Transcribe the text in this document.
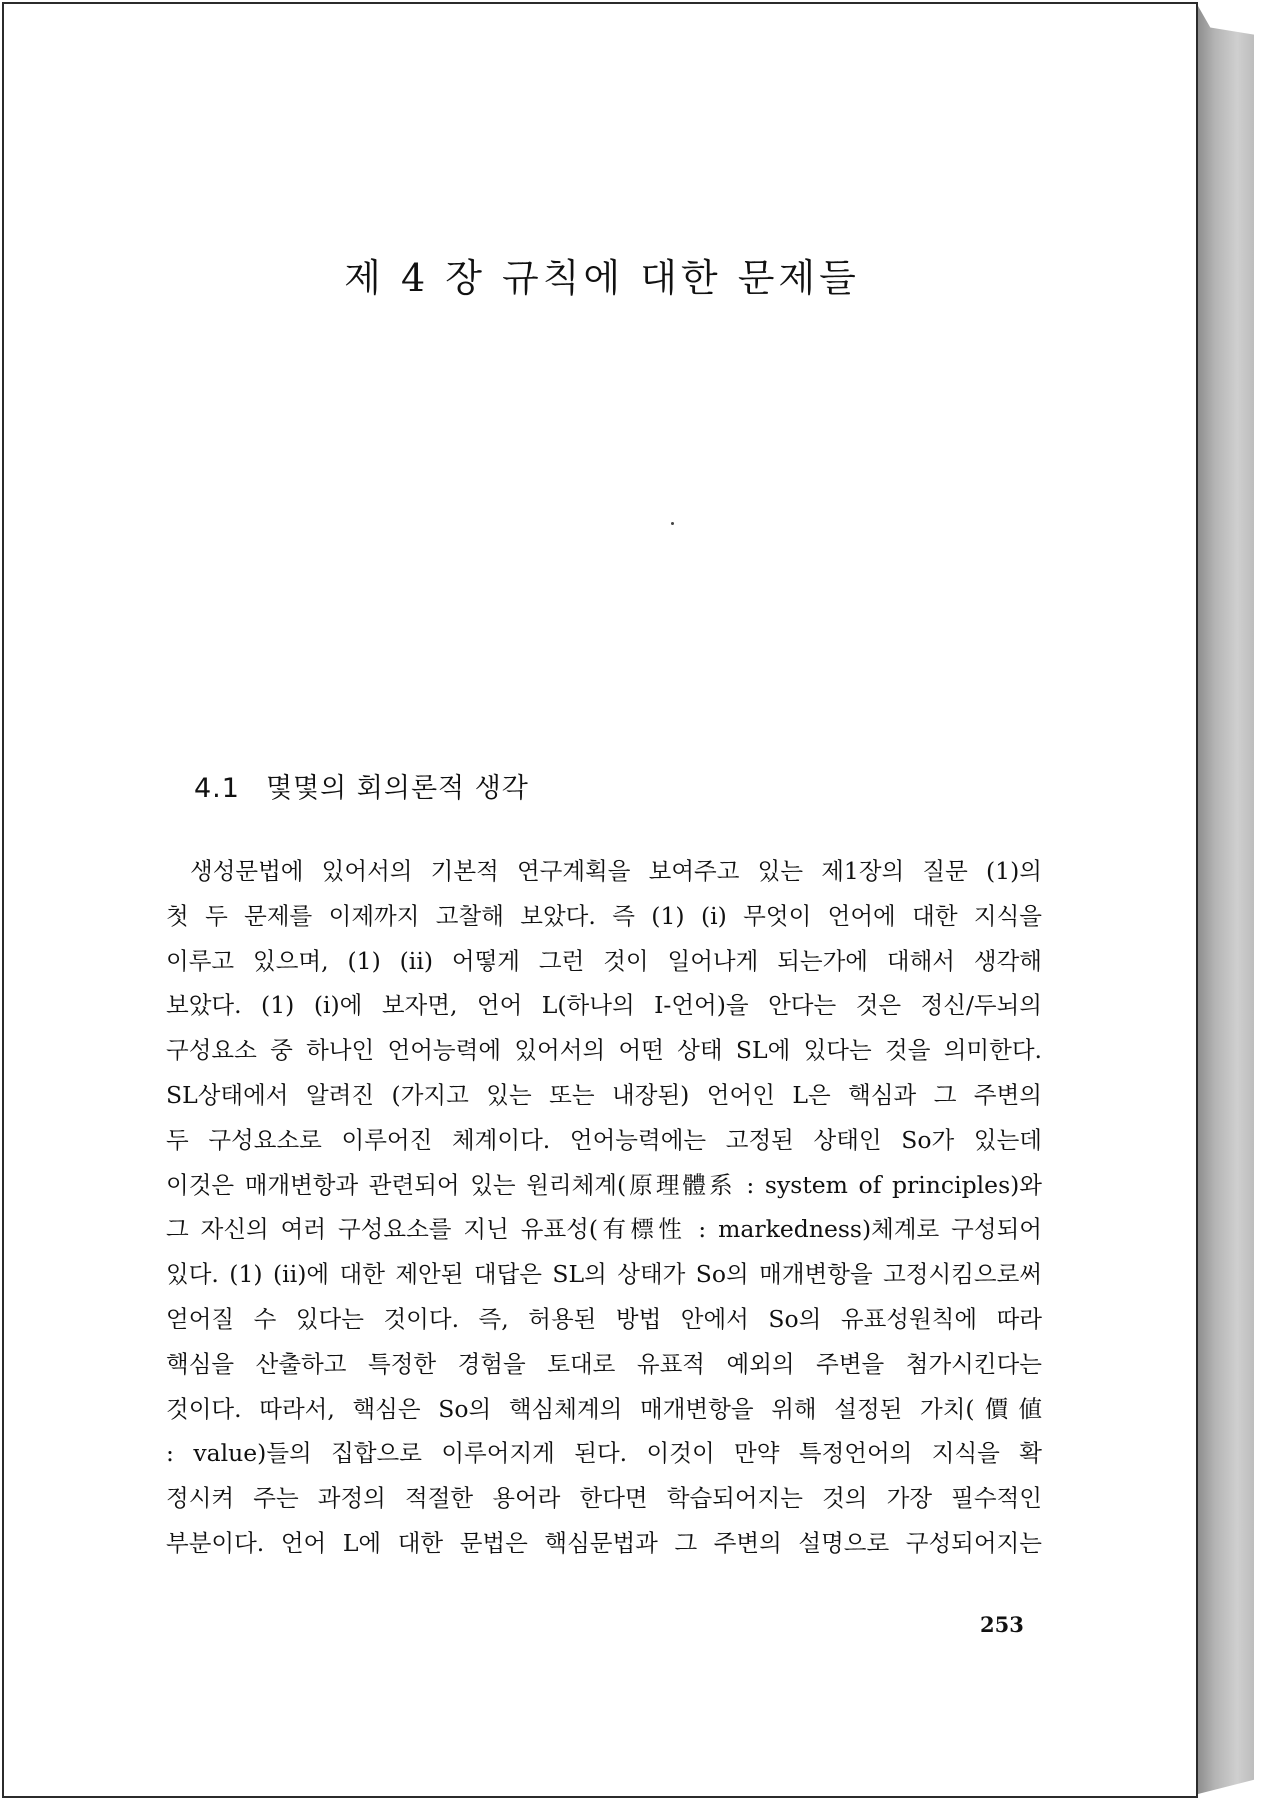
제 4 장 규칙에 대한 문제들
4.1 몇몇의 회의론적 생각
생성문법에 있어서의 기본적 연구계획을 보여주고 있는 제1장의 질문 (1)의
첫 두 문제를 이제까지 고찰해 보았다. 즉 (1) (i) 무엇이 언어에 대한 지식을
이루고 있으며, (1) (ii) 어떻게 그런 것이 일어나게 되는가에 대해서 생각해
보았다. (1) (i)에 보자면, 언어 L(하나의 I-언어)을 안다는 것은 정신/두뇌의
구성요소 중 하나인 언어능력에 있어서의 어떤 상태 SL에 있다는 것을 의미한다.
SL상태에서 알려진 (가지고 있는 또는 내장된) 언어인 L은 핵심과 그 주변의
두 구성요소로 이루어진 체계이다. 언어능력에는 고정된 상태인 So가 있는데
이것은 매개변항과 관련되어 있는 원리체계(原理體系 : system of principles)와
그 자신의 여러 구성요소를 지닌 유표성(有標性 : markedness)체계로 구성되어
있다. (1) (ii)에 대한 제안된 대답은 SL의 상태가 So의 매개변항을 고정시킴으로써
얻어질 수 있다는 것이다. 즉, 허용된 방법 안에서 So의 유표성원칙에 따라
핵심을 산출하고 특정한 경험을 토대로 유표적 예외의 주변을 첨가시킨다는
것이다. 따라서, 핵심은 So의 핵심체계의 매개변항을 위해 설정된 가치(價値
: value)들의 집합으로 이루어지게 된다. 이것이 만약 특정언어의 지식을 확
정시켜 주는 과정의 적절한 용어라 한다면 학습되어지는 것의 가장 필수적인
부분이다. 언어 L에 대한 문법은 핵심문법과 그 주변의 설명으로 구성되어지는
253
